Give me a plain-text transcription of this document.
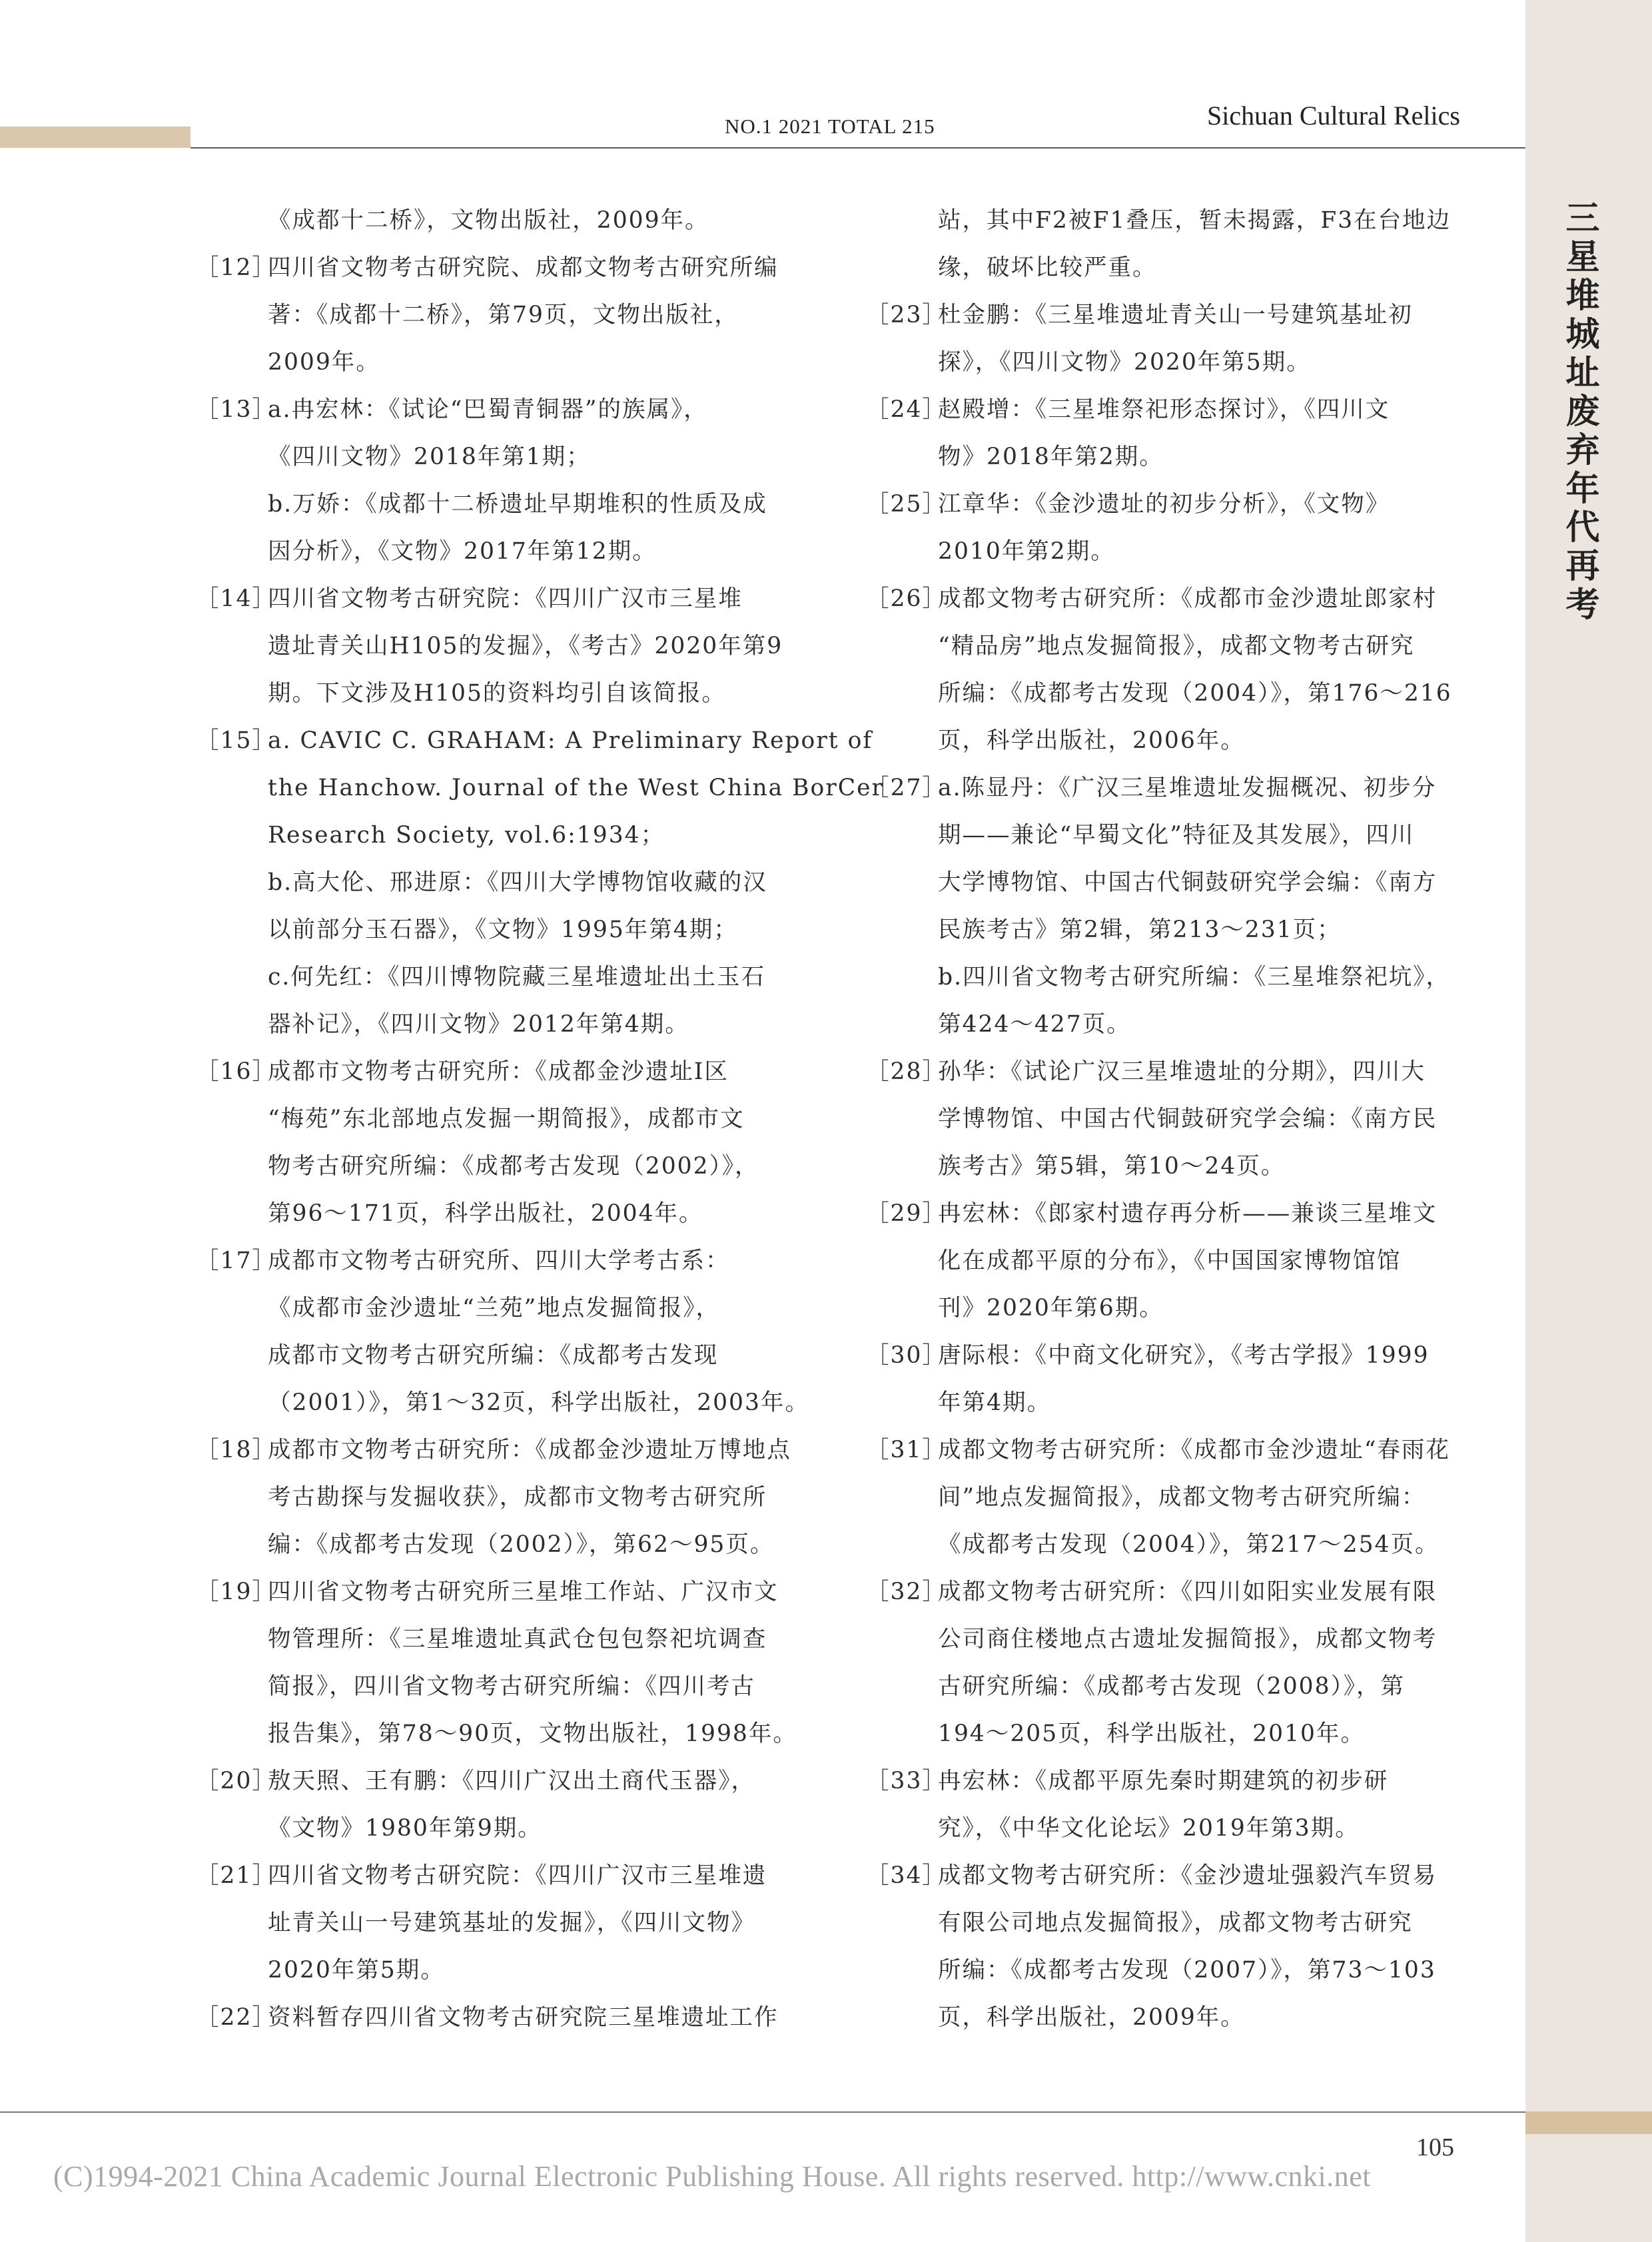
三星堆城址废弃年代再考
NO.1 2021 TOTAL 215	Sichuan Cultural Relics
《成都十二桥》，文物出版社，2009年。
［12］
四川省文物考古研究院、成都文物考古研究所编
著：《成都十二桥》，第79页，文物出版社，
2009年。
［13］
a.冉宏林：《试论“巴蜀青铜器”的族属》，
《四川文物》2018年第1期；
b.万娇：《成都十二桥遗址早期堆积的性质及成
因分析》，《文物》2017年第12期。
［14］
四川省文物考古研究院：《四川广汉市三星堆
遗址青关山H105的发掘》，《考古》2020年第9
期。下文涉及H105的资料均引自该简报。
［15］
a. CAVIC C. GRAHAM: A Preliminary Report of
the Hanchow. Journal of the West China BorCer
Research Society, vol.6:1934；
b.高大伦、邢进原：《四川大学博物馆收藏的汉
以前部分玉石器》，《文物》1995年第4期；
c.何先红：《四川博物院藏三星堆遗址出土玉石
器补记》，《四川文物》2012年第4期。
［16］
成都市文物考古研究所：《成都金沙遗址Ⅰ区
“梅苑”东北部地点发掘一期简报》，成都市文
物考古研究所编：《成都考古发现（2002）》，
第96～171页，科学出版社，2004年。
［17］
成都市文物考古研究所、四川大学考古系：
《成都市金沙遗址“兰苑”地点发掘简报》，
成都市文物考古研究所编：《成都考古发现
（2001）》，第1～32页，科学出版社，2003年。
［18］
成都市文物考古研究所：《成都金沙遗址万博地点
考古勘探与发掘收获》，成都市文物考古研究所
编：《成都考古发现（2002）》，第62～95页。
［19］
四川省文物考古研究所三星堆工作站、广汉市文
物管理所：《三星堆遗址真武仓包包祭祀坑调查
简报》，四川省文物考古研究所编：《四川考古
报告集》，第78～90页，文物出版社，1998年。
［20］
敖天照、王有鹏：《四川广汉出土商代玉器》，
《文物》1980年第9期。
［21］
四川省文物考古研究院：《四川广汉市三星堆遗
址青关山一号建筑基址的发掘》，《四川文物》
2020年第5期。
［22］
资料暂存四川省文物考古研究院三星堆遗址工作
站，其中F2被F1叠压，暂未揭露，F3在台地边
缘，破坏比较严重。
［23］
杜金鹏：《三星堆遗址青关山一号建筑基址初
探》，《四川文物》2020年第5期。
［24］
赵殿增：《三星堆祭祀形态探讨》，《四川文
物》2018年第2期。
［25］
江章华：《金沙遗址的初步分析》，《文物》
2010年第2期。
［26］
成都文物考古研究所：《成都市金沙遗址郎家村
“精品房”地点发掘简报》，成都文物考古研究
所编：《成都考古发现（2004）》，第176～216
页，科学出版社，2006年。
［27］
a.陈显丹：《广汉三星堆遗址发掘概况、初步分
期——兼论“早蜀文化”特征及其发展》，四川
大学博物馆、中国古代铜鼓研究学会编：《南方
民族考古》第2辑，第213～231页；
b.四川省文物考古研究所编：《三星堆祭祀坑》，
第424～427页。
［28］
孙华：《试论广汉三星堆遗址的分期》，四川大
学博物馆、中国古代铜鼓研究学会编：《南方民
族考古》第5辑，第10～24页。
［29］
冉宏林：《郎家村遗存再分析——兼谈三星堆文
化在成都平原的分布》，《中国国家博物馆馆
刊》2020年第6期。
［30］
唐际根：《中商文化研究》，《考古学报》1999
年第4期。
［31］
成都文物考古研究所：《成都市金沙遗址“春雨花
间”地点发掘简报》，成都文物考古研究所编：
《成都考古发现（2004）》，第217～254页。
［32］
成都文物考古研究所：《四川如阳实业发展有限
公司商住楼地点古遗址发掘简报》，成都文物考
古研究所编：《成都考古发现（2008）》，第
194～205页，科学出版社，2010年。
［33］
冉宏林：《成都平原先秦时期建筑的初步研
究》，《中华文化论坛》2019年第3期。
［34］
成都文物考古研究所：《金沙遗址强毅汽车贸易
有限公司地点发掘简报》，成都文物考古研究
所编：《成都考古发现（2007）》，第73～103
页，科学出版社，2009年。
105
(C)1994-2021 China Academic Journal Electronic Publishing House. All rights reserved. http://www.cnki.net
